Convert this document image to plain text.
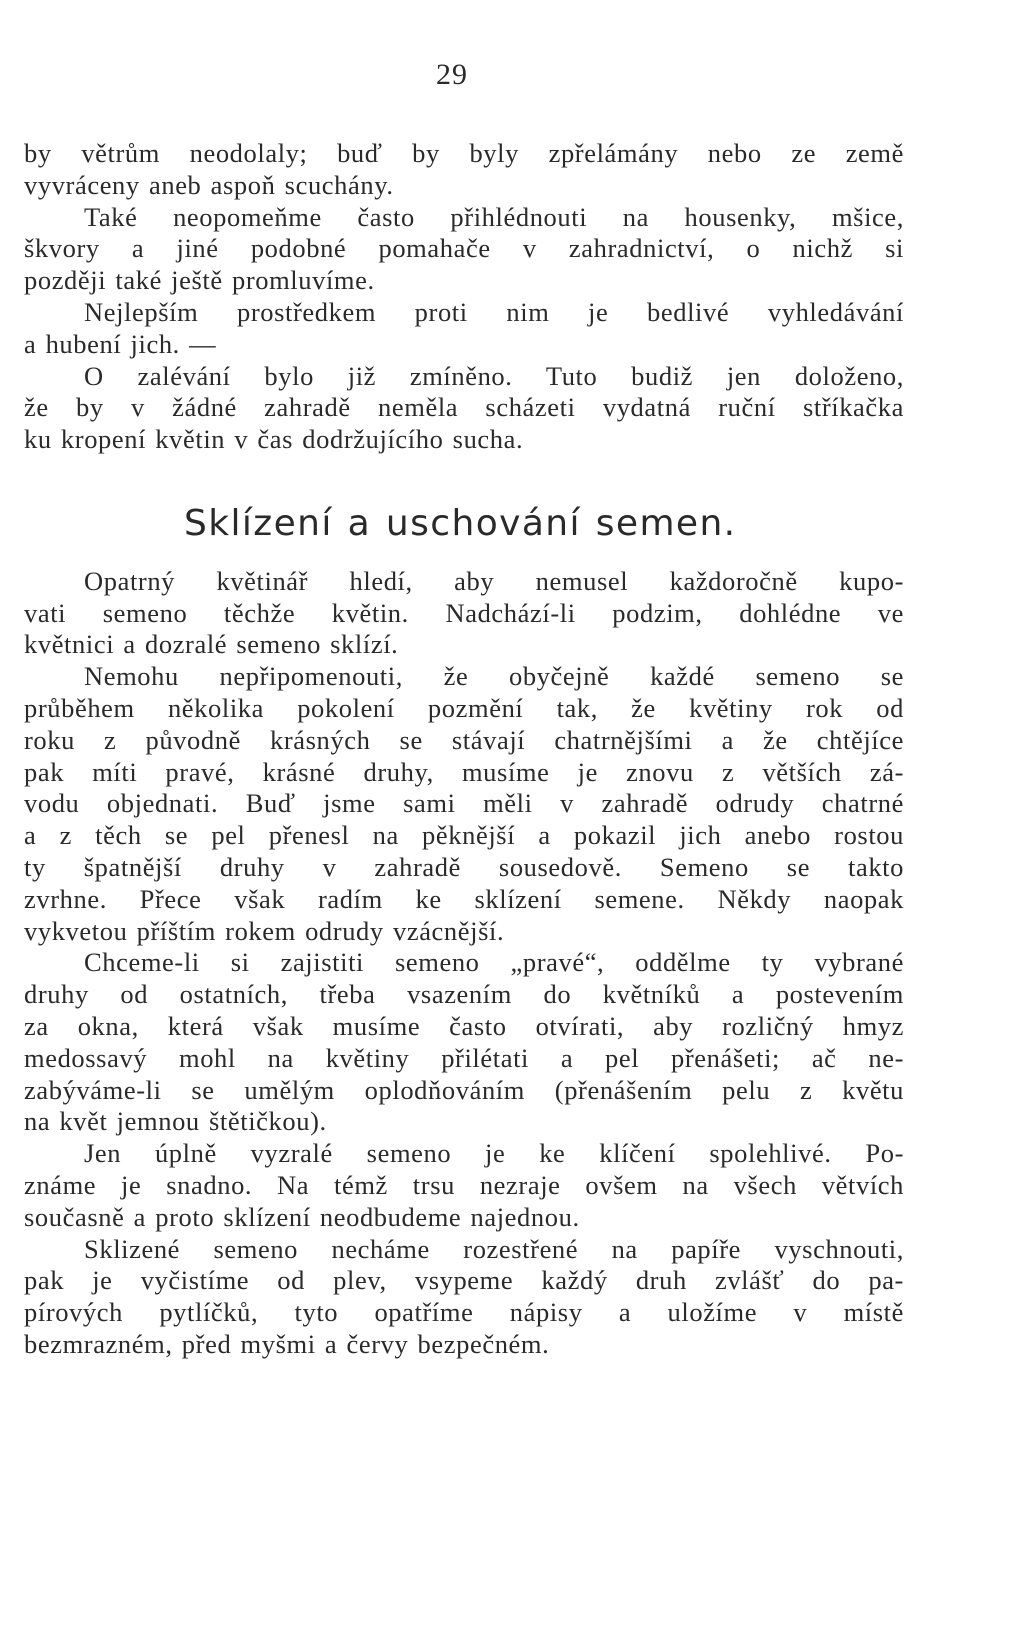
29
by větrům neodolaly; buď by byly zpřelámány nebo ze země
vyvráceny aneb aspoň scuchány.
Také neopomeňme často přihlédnouti na housenky, mšice,
škvory a jiné podobné pomahače v zahradnictví, o nichž si
později také ještě promluvíme.
Nejlepším prostředkem proti nim je bedlivé vyhledávání
a hubení jich. —
O zalévání bylo již zmíněno. Tuto budiž jen doloženo,
že by v žádné zahradě neměla scházeti vydatná ruční stříkačka
ku kropení květin v čas dodržujícího sucha.
Sklízení a uschování semen.
Opatrný květinář hledí, aby nemusel každoročně kupo-
vati semeno těchže květin. Nadchází-li podzim, dohlédne ve
květnici a dozralé semeno sklízí.
Nemohu nepřipomenouti, že obyčejně každé semeno se
průběhem několika pokolení pozmění tak, že květiny rok od
roku z původně krásných se stávají chatrnějšími a že chtějíce
pak míti pravé, krásné druhy, musíme je znovu z větších zá-
vodu objednati. Buď jsme sami měli v zahradě odrudy chatrné
a z těch se pel přenesl na pěknější a pokazil jich anebo rostou
ty špatnější druhy v zahradě sousedově. Semeno se takto
zvrhne. Přece však radím ke sklízení semene. Někdy naopak
vykvetou příštím rokem odrudy vzácnější.
Chceme-li si zajistiti semeno „pravé“, oddělme ty vybrané
druhy od ostatních, třeba vsazením do květníků a postevením
za okna, která však musíme často otvírati, aby rozličný hmyz
medossavý mohl na květiny přilétati a pel přenášeti; ač ne-
zabýváme-li se umělým oplodňováním (přenášením pelu z květu
na květ jemnou štětičkou).
Jen úplně vyzralé semeno je ke klíčení spolehlivé. Po-
známe je snadno. Na témž trsu nezraje ovšem na všech větvích
současně a proto sklízení neodbudeme najednou.
Sklizené semeno necháme rozestřené na papíře vyschnouti,
pak je vyčistíme od plev, vsypeme každý druh zvlášť do pa-
pírových pytlíčků, tyto opatříme nápisy a uložíme v místě
bezmrazném, před myšmi a červy bezpečném.
